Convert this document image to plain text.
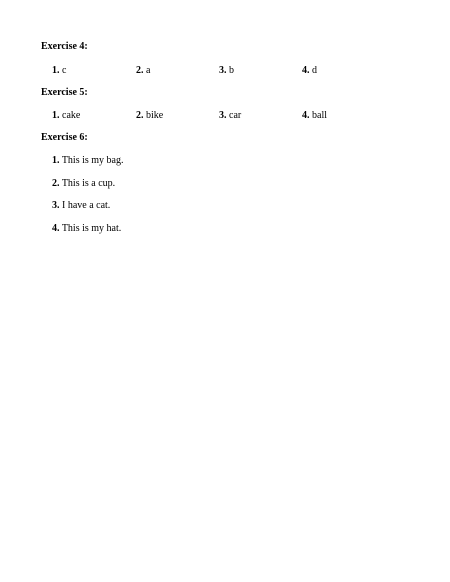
Exercise 4:
1. c	2. a	3. b	4. d
Exercise 5:
1. cake	2. bike	3. car	4. ball
Exercise 6:
1. This is my bag.
2. This is a cup.
3. I have a cat.
4. This is my hat.
